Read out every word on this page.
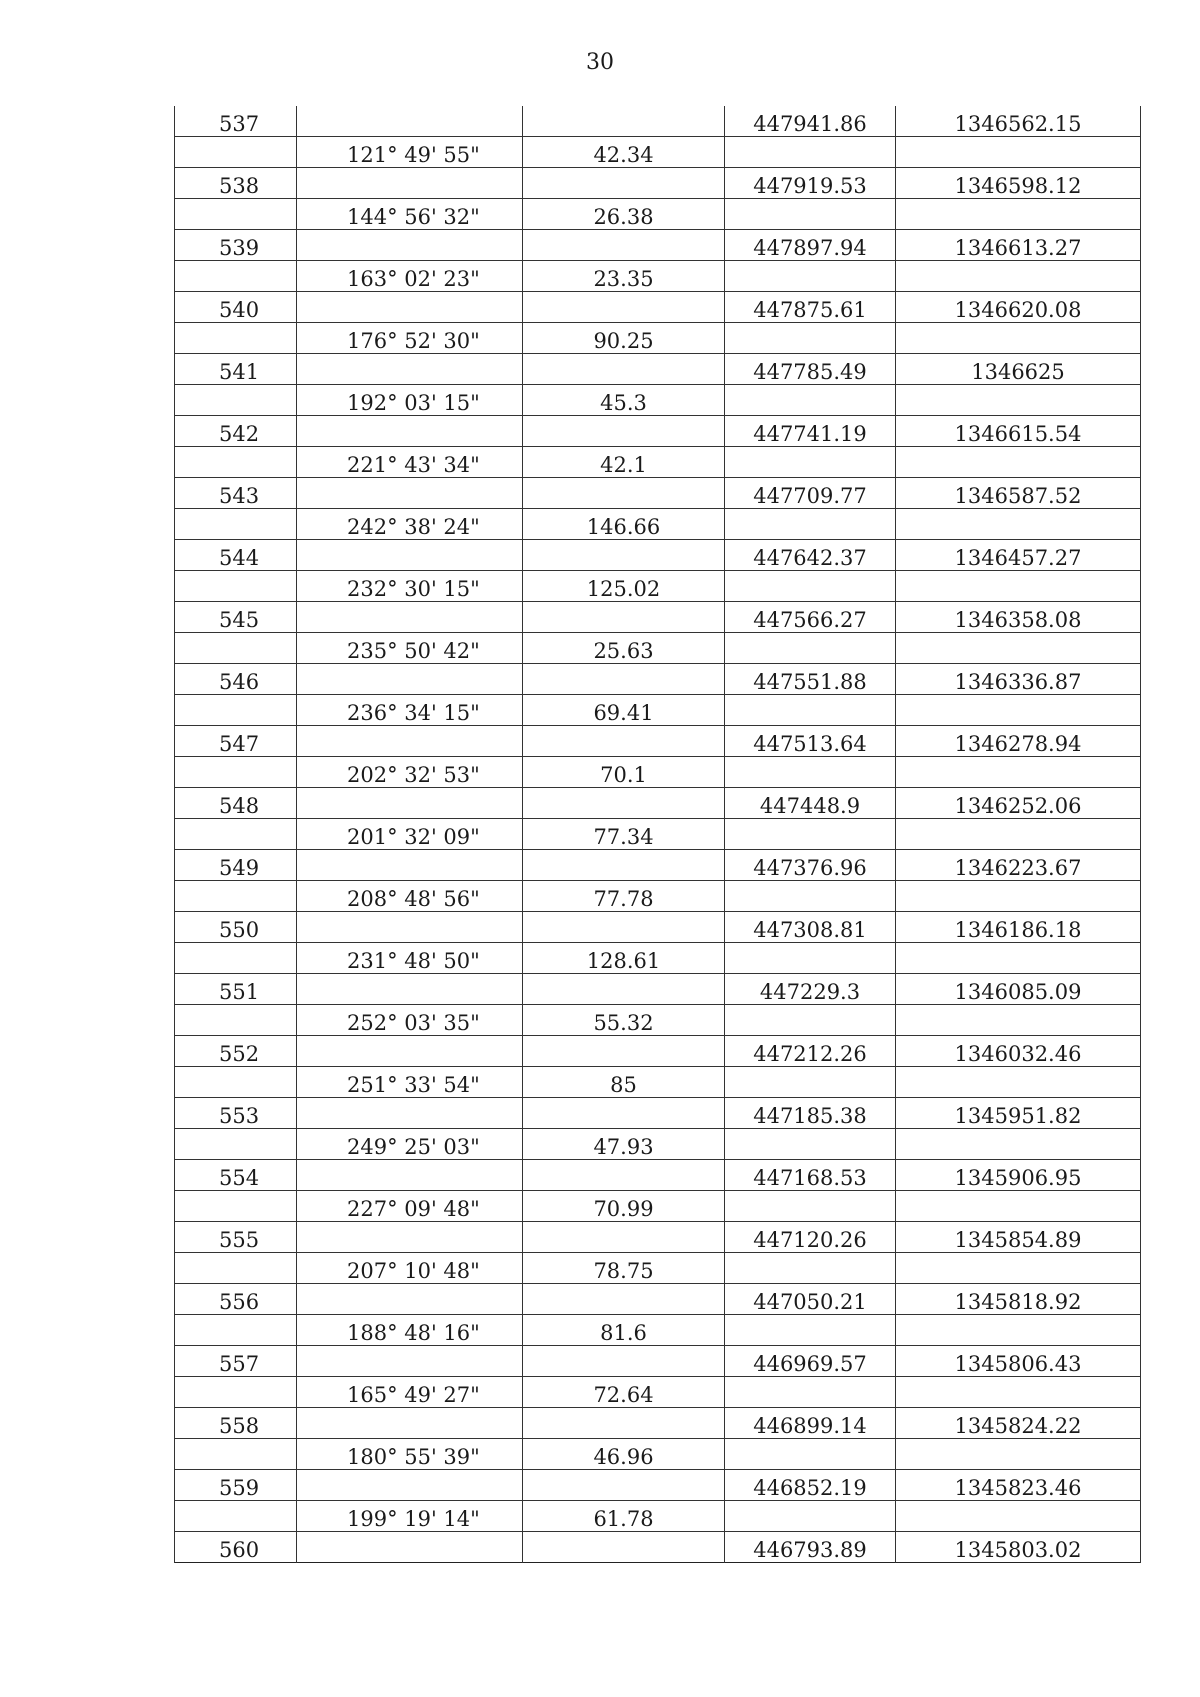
30
537			447941.86	1346562.15
	121° 49' 55"	42.34		
538			447919.53	1346598.12
	144° 56' 32"	26.38		
539			447897.94	1346613.27
	163° 02' 23"	23.35		
540			447875.61	1346620.08
	176° 52' 30"	90.25		
541			447785.49	1346625
	192° 03' 15"	45.3		
542			447741.19	1346615.54
	221° 43' 34"	42.1		
543			447709.77	1346587.52
	242° 38' 24"	146.66		
544			447642.37	1346457.27
	232° 30' 15"	125.02		
545			447566.27	1346358.08
	235° 50' 42"	25.63		
546			447551.88	1346336.87
	236° 34' 15"	69.41		
547			447513.64	1346278.94
	202° 32' 53"	70.1		
548			447448.9	1346252.06
	201° 32' 09"	77.34		
549			447376.96	1346223.67
	208° 48' 56"	77.78		
550			447308.81	1346186.18
	231° 48' 50"	128.61		
551			447229.3	1346085.09
	252° 03' 35"	55.32		
552			447212.26	1346032.46
	251° 33' 54"	85		
553			447185.38	1345951.82
	249° 25' 03"	47.93		
554			447168.53	1345906.95
	227° 09' 48"	70.99		
555			447120.26	1345854.89
	207° 10' 48"	78.75		
556			447050.21	1345818.92
	188° 48' 16"	81.6		
557			446969.57	1345806.43
	165° 49' 27"	72.64		
558			446899.14	1345824.22
	180° 55' 39"	46.96		
559			446852.19	1345823.46
	199° 19' 14"	61.78		
560			446793.89	1345803.02
